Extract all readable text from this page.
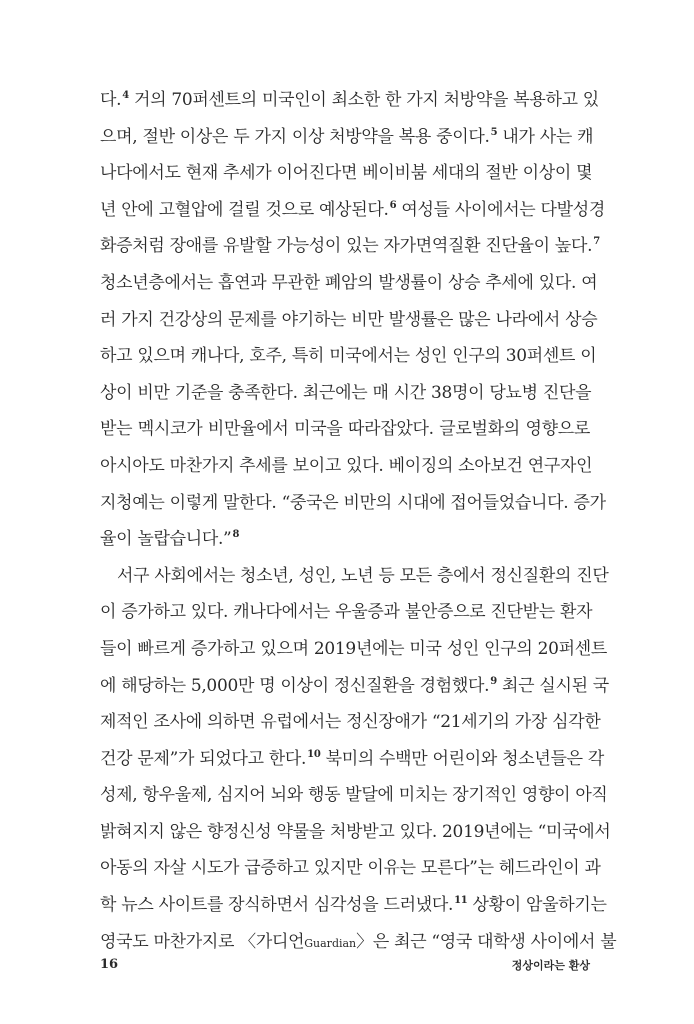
다.$^4$ 거의 70퍼센트의 미국인이 최소한 한 가지 처방약을 복용하고 있
으며, 절반 이상은 두 가지 이상 처방약을 복용 중이다.$^5$ 내가 사는 캐
나다에서도 현재 추세가 이어진다면 베이비붐 세대의 절반 이상이 몇
년 안에 고혈압에 걸릴 것으로 예상된다.$^6$ 여성들 사이에서는 다발성경
화증처럼 장애를 유발할 가능성이 있는 자가면역질환 진단율이 높다.$^7$
청소년층에서는 흡연과 무관한 폐암의 발생률이 상승 추세에 있다. 여
러 가지 건강상의 문제를 야기하는 비만 발생률은 많은 나라에서 상승
하고 있으며 캐나다, 호주, 특히 미국에서는 성인 인구의 30퍼센트 이
상이 비만 기준을 충족한다. 최근에는 매 시간 38명이 당뇨병 진단을
받는 멕시코가 비만율에서 미국을 따라잡았다. 글로벌화의 영향으로
아시아도 마찬가지 추세를 보이고 있다. 베이징의 소아보건 연구자인
지청예는 이렇게 말한다. “중국은 비만의 시대에 접어들었습니다. 증가
율이 놀랍습니다.”$^8$
서구 사회에서는 청소년, 성인, 노년 등 모든 층에서 정신질환의 진단
이 증가하고 있다. 캐나다에서는 우울증과 불안증으로 진단받는 환자
들이 빠르게 증가하고 있으며 2019년에는 미국 성인 인구의 20퍼센트
에 해당하는 5,000만 명 이상이 정신질환을 경험했다.$^9$ 최근 실시된 국
제적인 조사에 의하면 유럽에서는 정신장애가 “21세기의 가장 심각한
건강 문제”가 되었다고 한다.$^{10}$ 북미의 수백만 어린이와 청소년들은 각
성제, 항우울제, 심지어 뇌와 행동 발달에 미치는 장기적인 영향이 아직
밝혀지지 않은 향정신성 약물을 처방받고 있다. 2019년에는 “미국에서
아동의 자살 시도가 급증하고 있지만 이유는 모른다”는 헤드라인이 과
학 뉴스 사이트를 장식하면서 심각성을 드러냈다.$^{11}$ 상황이 암울하기는
영국도 마찬가지로 〈가디언Guardian〉은 최근 “영국 대학생 사이에서 불
16	정상이라는 환상
